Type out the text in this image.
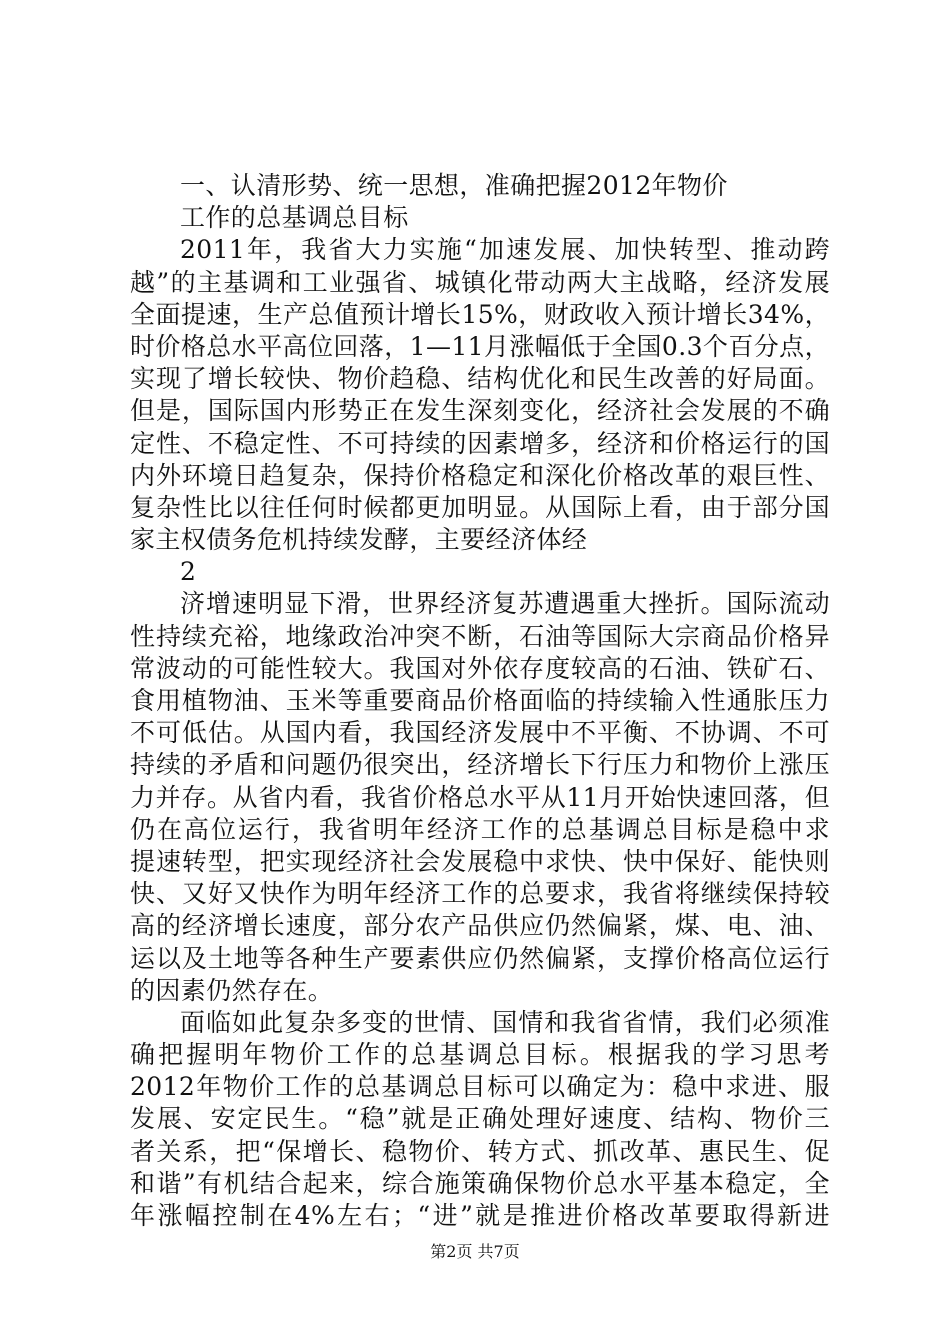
一、认清形势、统一思想，准确把握2012年物价
工作的总基调总目标
2011年，我省大力实施“加速发展、加快转型、推动跨
越”的主基调和工业强省、城镇化带动两大主战略，经济发展
全面提速，生产总值预计增长15%，财政收入预计增长34%，
时价格总水平高位回落，1—11月涨幅低于全国0.3个百分点，
实现了增长较快、物价趋稳、结构优化和民生改善的好局面。
但是，国际国内形势正在发生深刻变化，经济社会发展的不确
定性、不稳定性、不可持续的因素增多，经济和价格运行的国
内外环境日趋复杂，保持价格稳定和深化价格改革的艰巨性、
复杂性比以往任何时候都更加明显。从国际上看，由于部分国
家主权债务危机持续发酵，主要经济体经
2
济增速明显下滑，世界经济复苏遭遇重大挫折。国际流动
性持续充裕，地缘政治冲突不断，石油等国际大宗商品价格异
常波动的可能性较大。我国对外依存度较高的石油、铁矿石、
食用植物油、玉米等重要商品价格面临的持续输入性通胀压力
不可低估。从国内看，我国经济发展中不平衡、不协调、不可
持续的矛盾和问题仍很突出，经济增长下行压力和物价上涨压
力并存。从省内看，我省价格总水平从11月开始快速回落，但
仍在高位运行，我省明年经济工作的总基调总目标是稳中求
提速转型，把实现经济社会发展稳中求快、快中保好、能快则
快、又好又快作为明年经济工作的总要求，我省将继续保持较
高的经济增长速度，部分农产品供应仍然偏紧，煤、电、油、
运以及土地等各种生产要素供应仍然偏紧，支撑价格高位运行
的因素仍然存在。
面临如此复杂多变的世情、国情和我省省情，我们必须准
确把握明年物价工作的总基调总目标。根据我的学习思考
2012年物价工作的总基调总目标可以确定为：稳中求进、服
发展、安定民生。“稳”就是正确处理好速度、结构、物价三
者关系，把“保增长、稳物价、转方式、抓改革、惠民生、促
和谐”有机结合起来，综合施策确保物价总水平基本稳定，全
年涨幅控制在4%左右；“进”就是推进价格改革要取得新进
第2页 共7页
